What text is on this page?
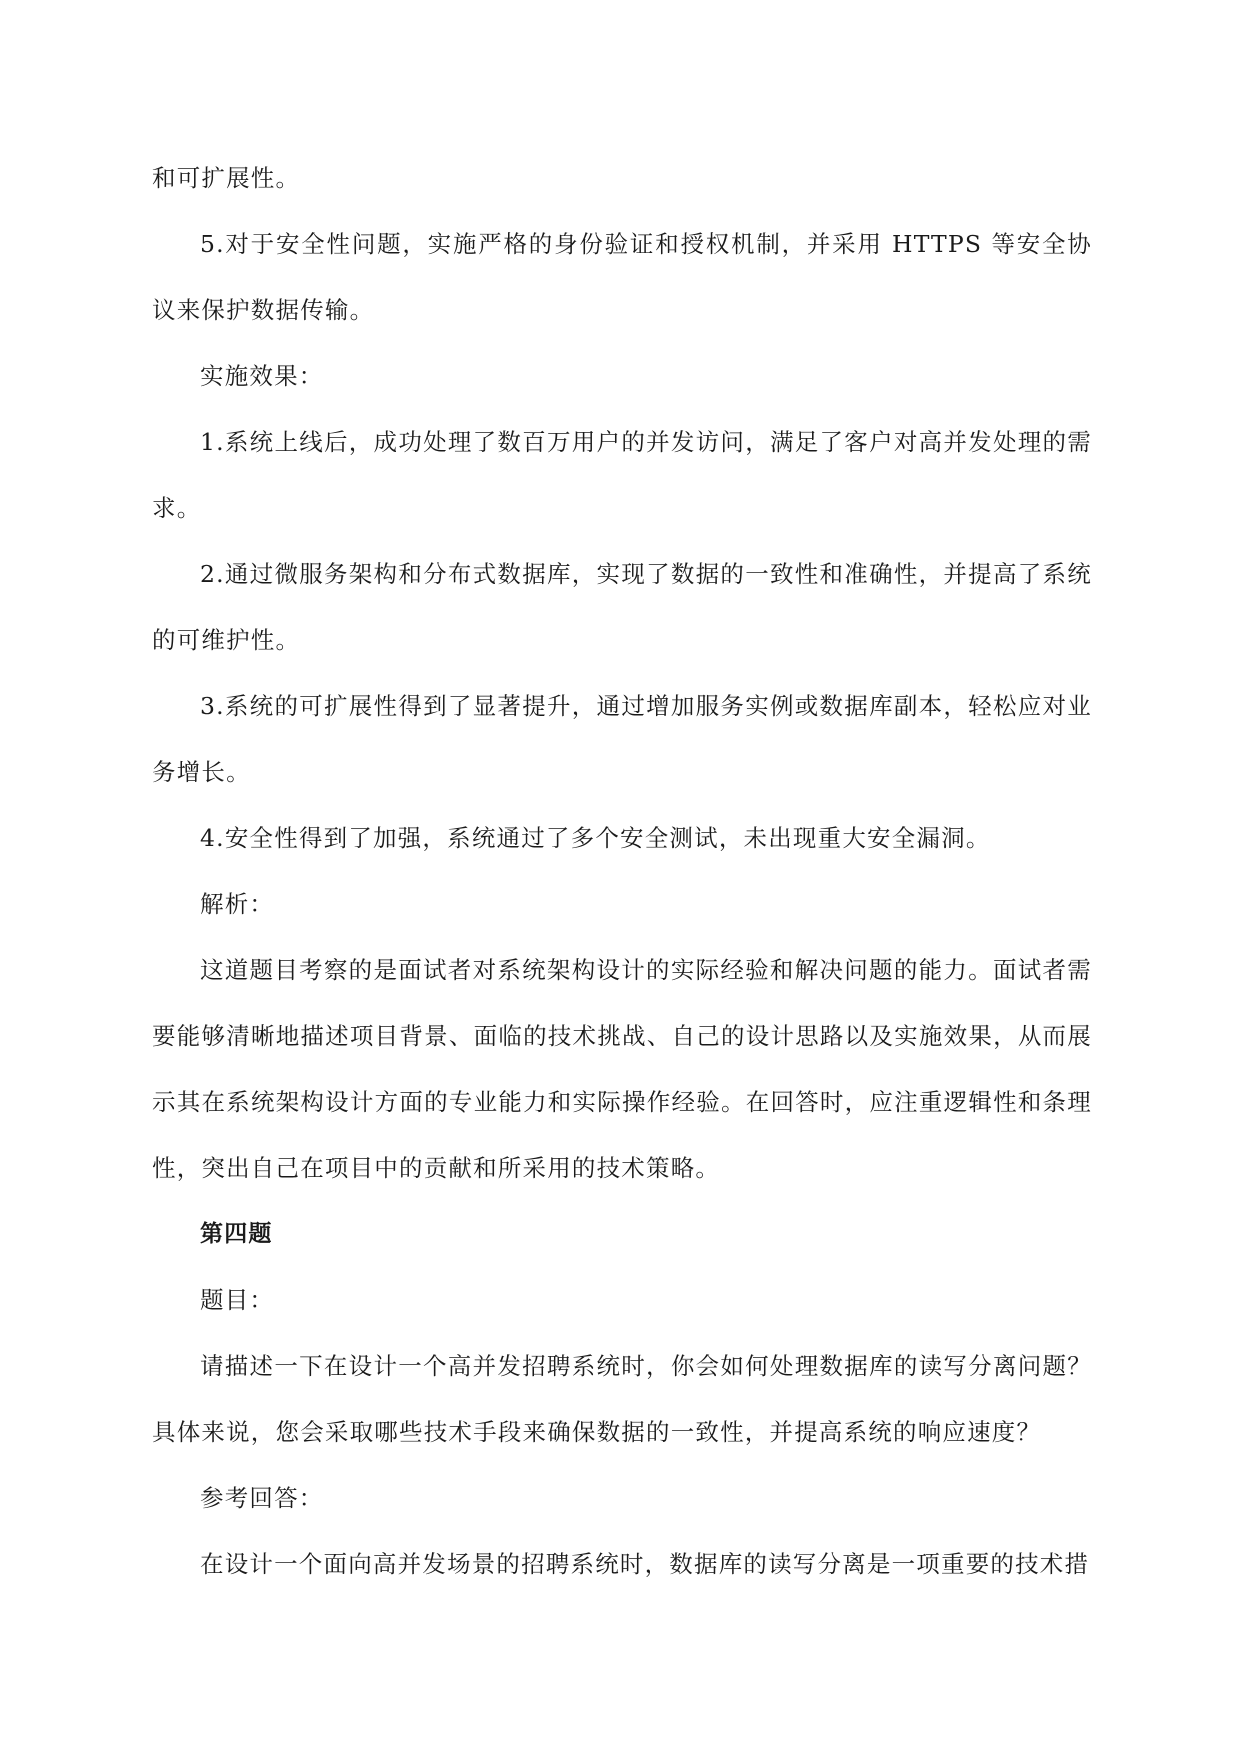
和可扩展性。

5.对于安全性问题，实施严格的身份验证和授权机制，并采用 HTTPS 等安全协议来保护数据传输。

实施效果：

1.系统上线后，成功处理了数百万用户的并发访问，满足了客户对高并发处理的需求。

2.通过微服务架构和分布式数据库，实现了数据的一致性和准确性，并提高了系统的可维护性。

3.系统的可扩展性得到了显著提升，通过增加服务实例或数据库副本，轻松应对业务增长。

4.安全性得到了加强，系统通过了多个安全测试，未出现重大安全漏洞。

解析：

这道题目考察的是面试者对系统架构设计的实际经验和解决问题的能力。面试者需要能够清晰地描述项目背景、面临的技术挑战、自己的设计思路以及实施效果，从而展示其在系统架构设计方面的专业能力和实际操作经验。在回答时，应注重逻辑性和条理性，突出自己在项目中的贡献和所采用的技术策略。

第四题

题目：

请描述一下在设计一个高并发招聘系统时，你会如何处理数据库的读写分离问题？具体来说，您会采取哪些技术手段来确保数据的一致性，并提高系统的响应速度？

参考回答：

在设计一个面向高并发场景的招聘系统时，数据库的读写分离是一项重要的技术措
